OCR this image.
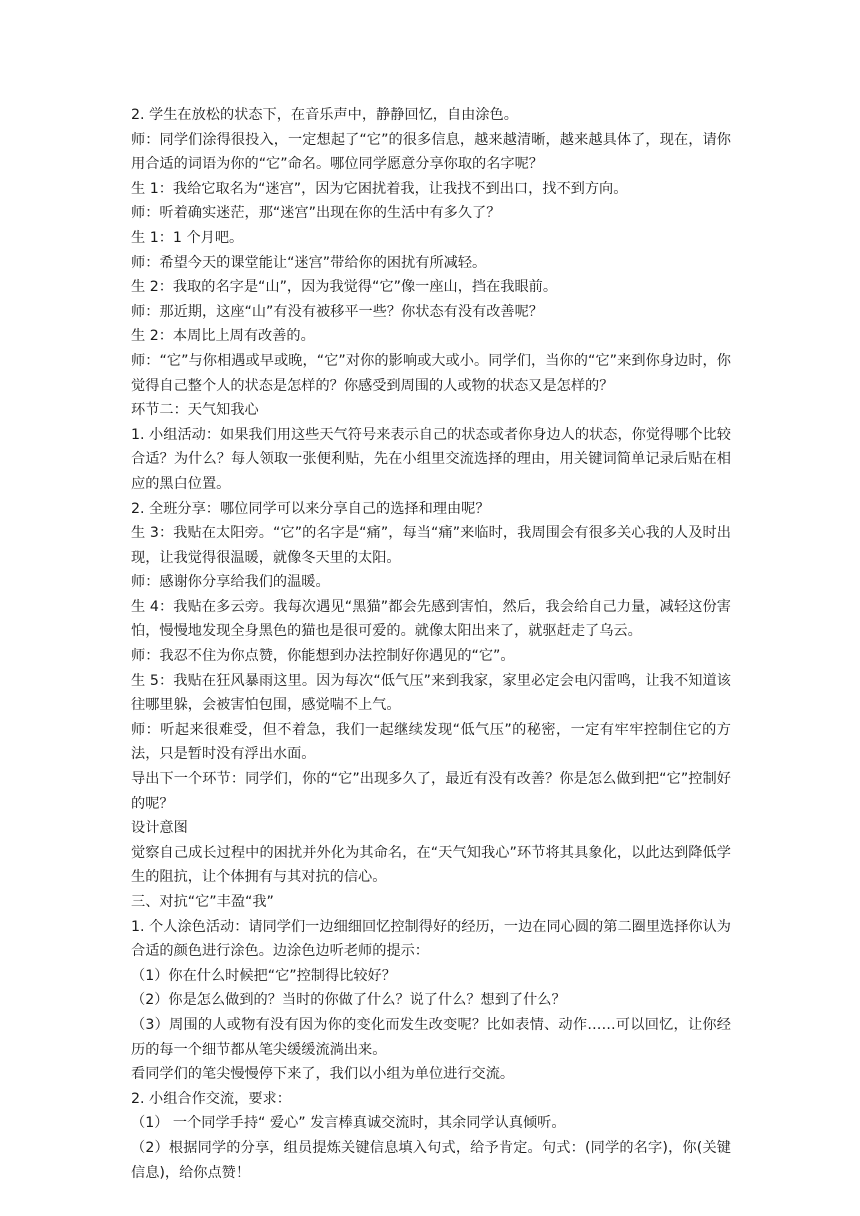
2. 学生在放松的状态下，在音乐声中，静静回忆，自由涂色。

师：同学们涂得很投入，一定想起了“它”的很多信息，越来越清晰，越来越具体了，现在，请你用合适的词语为你的“它”命名。哪位同学愿意分享你取的名字呢？

生 1：我给它取名为“迷宫”，因为它困扰着我，让我找不到出口，找不到方向。

师：听着确实迷茫，那“迷宫”出现在你的生活中有多久了？

生 1：1 个月吧。

师：希望今天的课堂能让“迷宫”带给你的困扰有所减轻。

生 2：我取的名字是“山”，因为我觉得“它”像一座山，挡在我眼前。

师：那近期，这座“山”有没有被移平一些？你状态有没有改善呢？

生 2：本周比上周有改善的。

师：“它”与你相遇或早或晚，“它”对你的影响或大或小。同学们，当你的“它”来到你身边时，你觉得自己整个人的状态是怎样的？你感受到周围的人或物的状态又是怎样的？

环节二：天气知我心

1. 小组活动：如果我们用这些天气符号来表示自己的状态或者你身边人的状态，你觉得哪个比较合适？为什么？每人领取一张便利贴，先在小组里交流选择的理由，用关键词简单记录后贴在相应的黑白位置。

2. 全班分享：哪位同学可以来分享自己的选择和理由呢？

生 3：我贴在太阳旁。“它”的名字是“痛”，每当“痛”来临时，我周围会有很多关心我的人及时出现，让我觉得很温暖，就像冬天里的太阳。

师：感谢你分享给我们的温暖。

生 4：我贴在多云旁。我每次遇见“黑猫”都会先感到害怕，然后，我会给自己力量，减轻这份害怕，慢慢地发现全身黑色的猫也是很可爱的。就像太阳出来了，就驱赶走了乌云。

师：我忍不住为你点赞，你能想到办法控制好你遇见的“它”。

生 5：我贴在狂风暴雨这里。因为每次“低气压”来到我家，家里必定会电闪雷鸣，让我不知道该往哪里躲，会被害怕包围，感觉喘不上气。

师：听起来很难受，但不着急，我们一起继续发现“低气压”的秘密，一定有牢牢控制住它的方法，只是暂时没有浮出水面。

导出下一个环节：同学们，你的“它”出现多久了，最近有没有改善？你是怎么做到把“它”控制好的呢？

设计意图

觉察自己成长过程中的困扰并外化为其命名，在“天气知我心”环节将其具象化，以此达到降低学生的阻抗，让个体拥有与其对抗的信心。

三、对抗“它”丰盈“我”

1. 个人涂色活动：请同学们一边细细回忆控制得好的经历，一边在同心圆的第二圈里选择你认为合适的颜色进行涂色。边涂色边听老师的提示：

（1）你在什么时候把“它”控制得比较好？

（2）你是怎么做到的？当时的你做了什么？说了什么？想到了什么？

（3）周围的人或物有没有因为你的变化而发生改变呢？比如表情、动作……可以回忆，让你经历的每一个细节都从笔尖缓缓流淌出来。

看同学们的笔尖慢慢停下来了，我们以小组为单位进行交流。

2. 小组合作交流，要求：

（1） 一个同学手持“ 爱心” 发言棒真诚交流时，其余同学认真倾听。

（2）根据同学的分享，组员提炼关键信息填入句式，给予肯定。句式：(同学的名字)，你(关键信息)，给你点赞！
